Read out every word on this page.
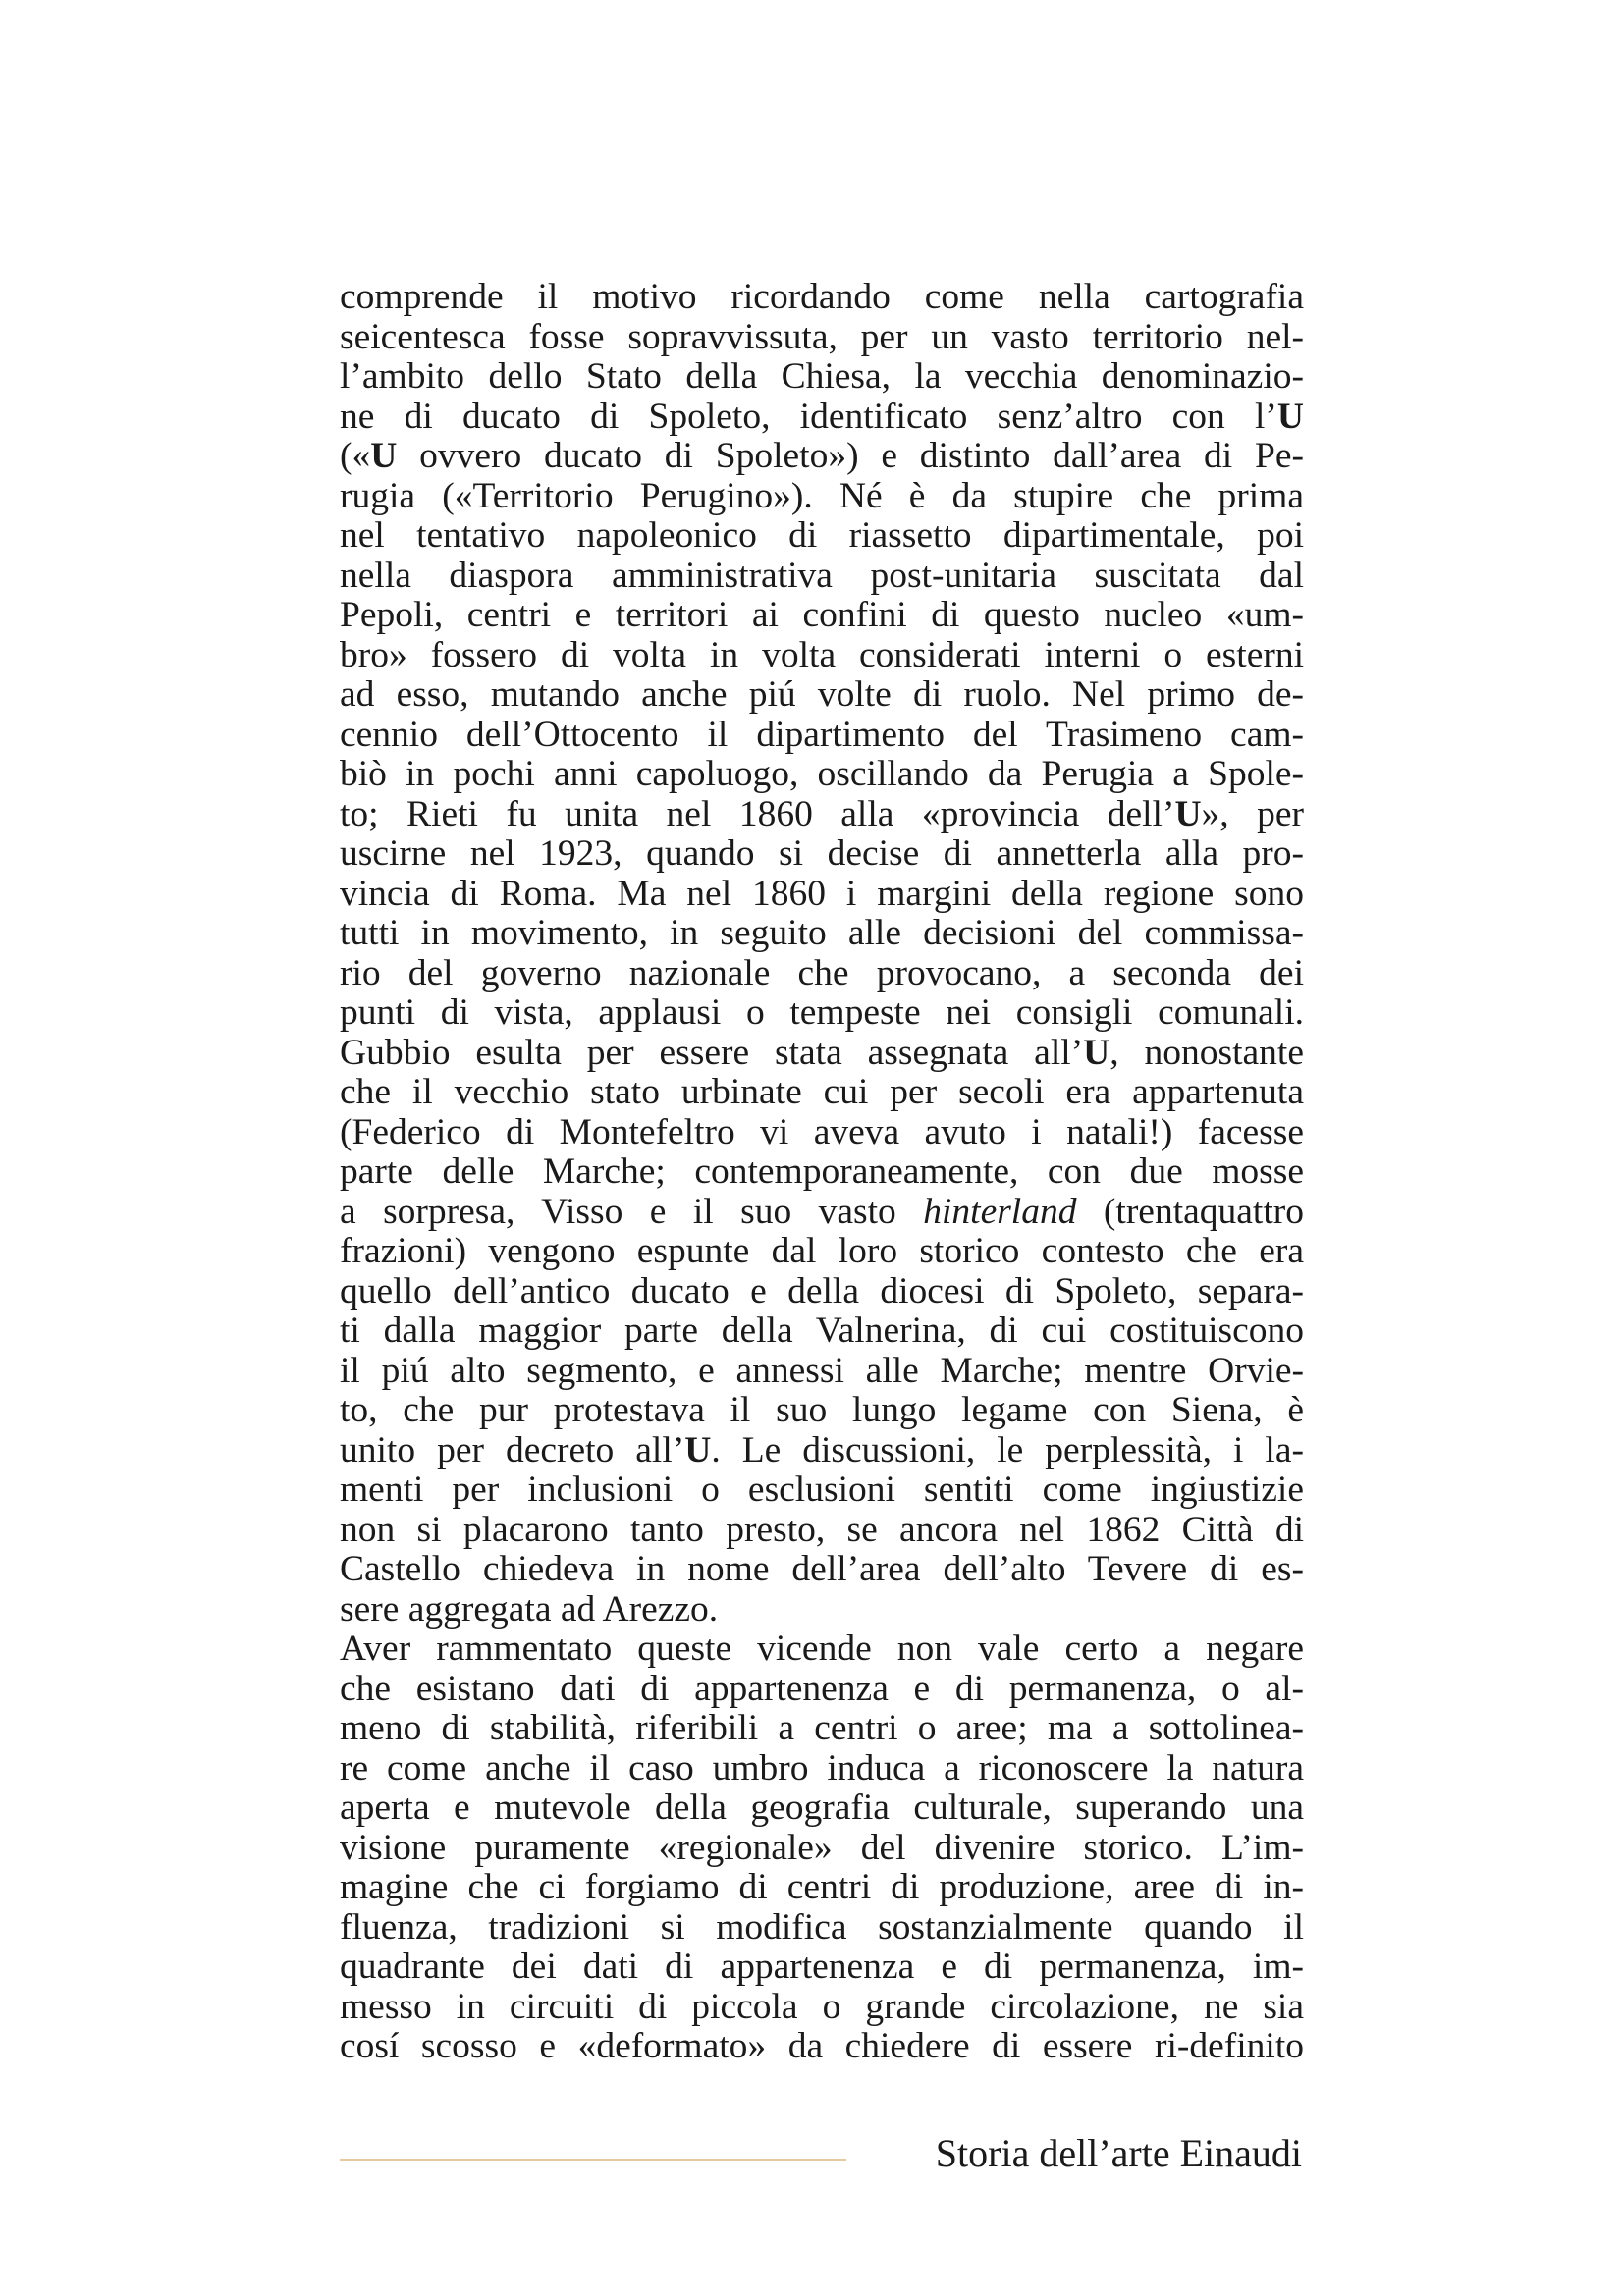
comprende il motivo ricordando come nella cartografia
seicentesca fosse sopravvissuta, per un vasto territorio nel-
l’ambito dello Stato della Chiesa, la vecchia denominazio-
ne di ducato di Spoleto, identificato senz’altro con l’U
(«U ovvero ducato di Spoleto») e distinto dall’area di Pe-
rugia («Territorio Perugino»). Né è da stupire che prima
nel tentativo napoleonico di riassetto dipartimentale, poi
nella diaspora amministrativa post-unitaria suscitata dal
Pepoli, centri e territori ai confini di questo nucleo «um-
bro» fossero di volta in volta considerati interni o esterni
ad esso, mutando anche piú volte di ruolo. Nel primo de-
cennio dell’Ottocento il dipartimento del Trasimeno cam-
biò in pochi anni capoluogo, oscillando da Perugia a Spole-
to; Rieti fu unita nel 1860 alla «provincia dell’U», per
uscirne nel 1923, quando si decise di annetterla alla pro-
vincia di Roma. Ma nel 1860 i margini della regione sono
tutti in movimento, in seguito alle decisioni del commissa-
rio del governo nazionale che provocano, a seconda dei
punti di vista, applausi o tempeste nei consigli comunali.
Gubbio esulta per essere stata assegnata all’U, nonostante
che il vecchio stato urbinate cui per secoli era appartenuta
(Federico di Montefeltro vi aveva avuto i natali!) facesse
parte delle Marche; contemporaneamente, con due mosse
a sorpresa, Visso e il suo vasto hinterland (trentaquattro
frazioni) vengono espunte dal loro storico contesto che era
quello dell’antico ducato e della diocesi di Spoleto, separa-
ti dalla maggior parte della Valnerina, di cui costituiscono
il piú alto segmento, e annessi alle Marche; mentre Orvie-
to, che pur protestava il suo lungo legame con Siena, è
unito per decreto all’U. Le discussioni, le perplessità, i la-
menti per inclusioni o esclusioni sentiti come ingiustizie
non si placarono tanto presto, se ancora nel 1862 Città di
Castello chiedeva in nome dell’area dell’alto Tevere di es-
sere aggregata ad Arezzo.
Aver rammentato queste vicende non vale certo a negare
che esistano dati di appartenenza e di permanenza, o al-
meno di stabilità, riferibili a centri o aree; ma a sottolinea-
re come anche il caso umbro induca a riconoscere la natura
aperta e mutevole della geografia culturale, superando una
visione puramente «regionale» del divenire storico. L’im-
magine che ci forgiamo di centri di produzione, aree di in-
fluenza, tradizioni si modifica sostanzialmente quando il
quadrante dei dati di appartenenza e di permanenza, im-
messo in circuiti di piccola o grande circolazione, ne sia
cosí scosso e «deformato» da chiedere di essere ri-definito
Storia dell’arte Einaudi
